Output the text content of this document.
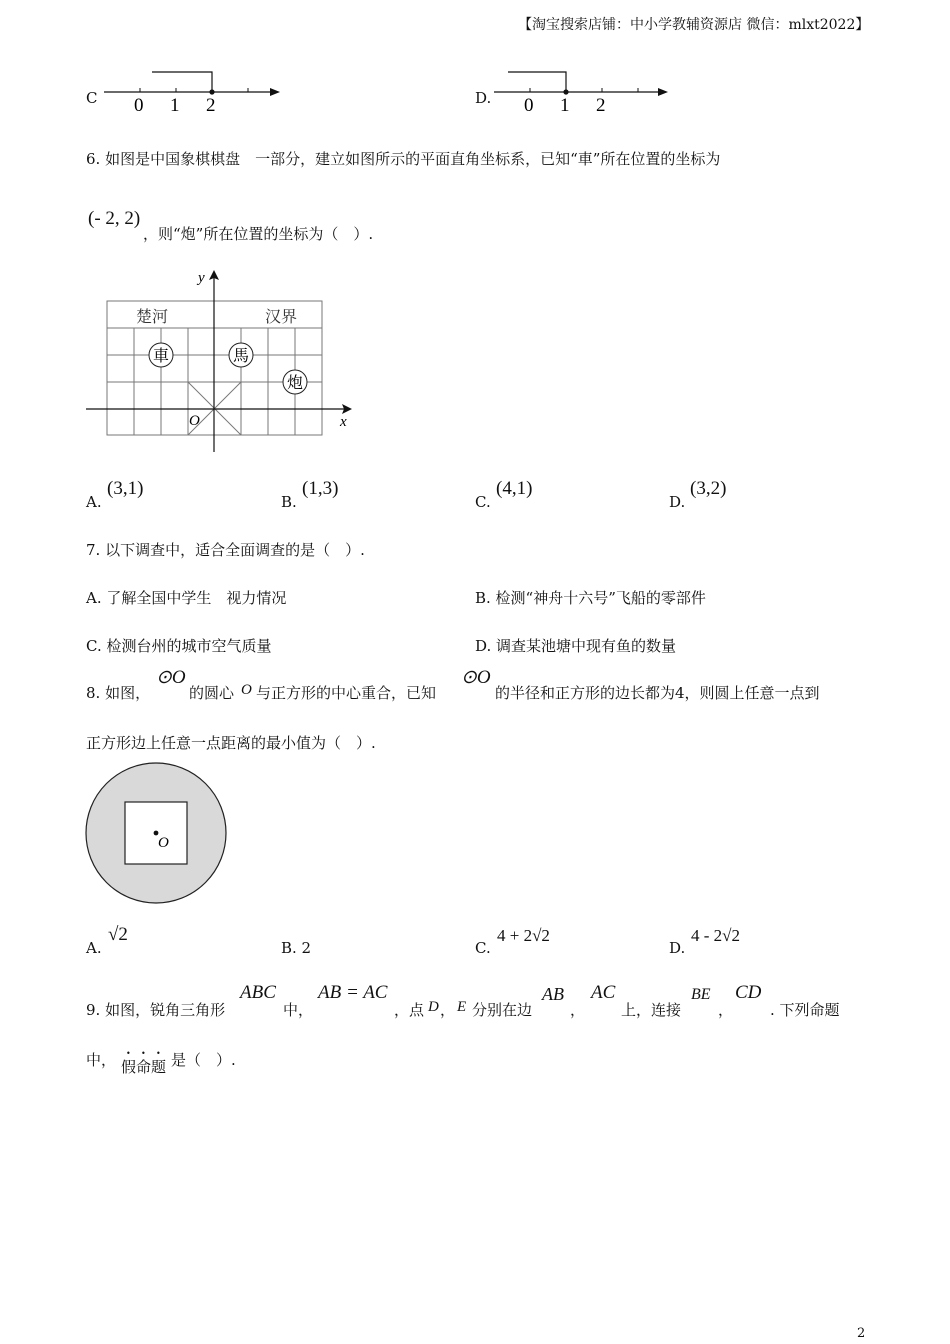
【淘宝搜索店铺：中小学教辅资源店 微信：mlxt2022】
C 0 1 2	D. 0 1 2
6. 如图是中国象棋棋盘　一部分，建立如图所示的平面直角坐标系，已知“車”所在位置的坐标为
(- 2, 2)
，则“炮”所在位置的坐标为（　）.
楚河	汉界
車	馬
炮
y
x
O
A.
(3,1)
B.
(1,3)
C.
(4,1)
D.
(3,2)
7. 以下调查中，适合全面调查的是（　）.
A. 了解全国中学生　视力情况	B. 检测“神舟十六号”飞船的零部件
C. 检测台州的城市空气质量	D. 调查某池塘中现有鱼的数量
8. 如图，
⊙O
的圆心 O 与正方形的中心重合，已知
⊙O
的半径和正方形的边长都为4，则圆上任意一点到
正方形边上任意一点距离的最小值为（　）.
O
A.
√2
B. 2	C.
4 + 2√2
D.
4 - 2√2
9. 如图，锐角三角形
ABC
中，
AB = AC
，点 D ， E 分别在边
AB
，
AC
上，连接
BE
，
CD
. 下列命题
中， 假命题 是（　）.
2
